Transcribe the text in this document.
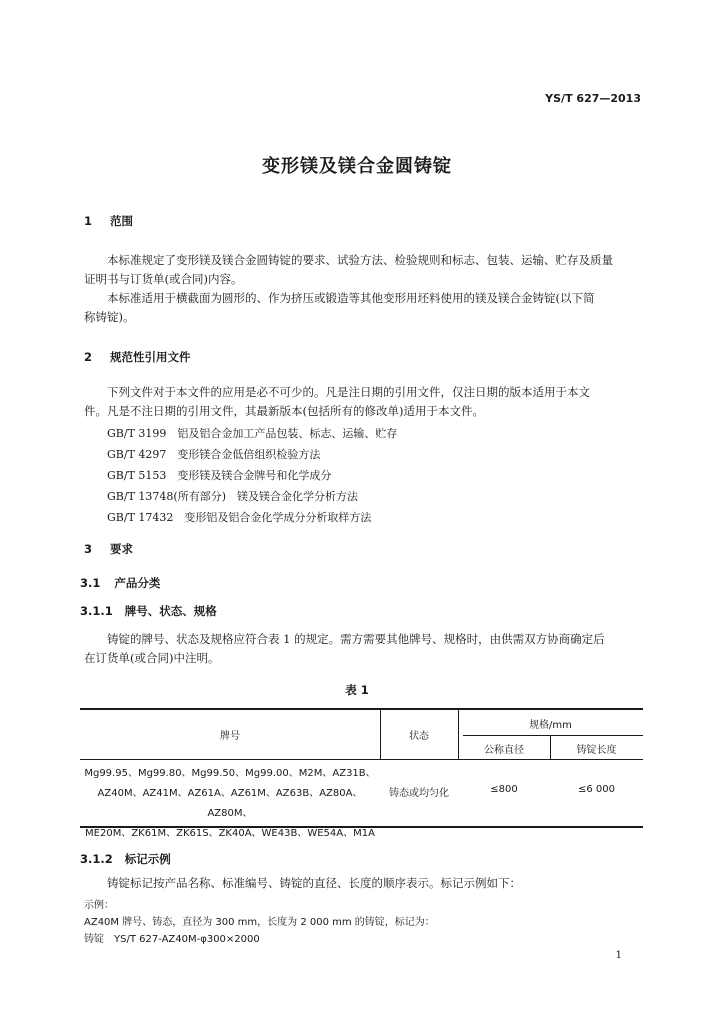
YS/T 627—2013
变形镁及镁合金圆铸锭
1 范围
本标准规定了变形镁及镁合金圆铸锭的要求、试验方法、检验规则和标志、包装、运输、贮存及质量
证明书与订货单(或合同)内容。
本标准适用于横截面为圆形的、作为挤压或锻造等其他变形用坯料使用的镁及镁合金铸锭(以下简
称铸锭)。
2 规范性引用文件
下列文件对于本文件的应用是必不可少的。凡是注日期的引用文件，仅注日期的版本适用于本文
件。凡是不注日期的引用文件，其最新版本(包括所有的修改单)适用于本文件。
GB/T 3199　铝及铝合金加工产品包装、标志、运输、贮存
GB/T 4297　变形镁合金低倍组织检验方法
GB/T 5153　变形镁及镁合金牌号和化学成分
GB/T 13748(所有部分)　镁及镁合金化学分析方法
GB/T 17432　变形铝及铝合金化学成分分析取样方法
3 要求
3.1 产品分类
3.1.1 牌号、状态、规格
铸锭的牌号、状态及规格应符合表 1 的规定。需方需要其他牌号、规格时，由供需双方协商确定后
在订货单(或合同)中注明。
表 1
牌号	状态
规格/mm
公称直径	铸锭长度
Mg99.95、Mg99.80、Mg99.50、Mg99.00、M2M、AZ31B、
AZ40M、AZ41M、AZ61A、AZ61M、AZ63B、AZ80A、AZ80M、
ME20M、ZK61M、ZK61S、ZK40A、WE43B、WE54A、M1A
铸态或均匀化	≤800	≤6 000
3.1.2 标记示例
铸锭标记按产品名称、标准编号、铸锭的直径、长度的顺序表示。标记示例如下：
示例：
AZ40M 牌号、铸态，直径为 300 mm，长度为 2 000 mm 的铸锭，标记为：
铸锭　YS/T 627-AZ40M-φ300×2000
1
